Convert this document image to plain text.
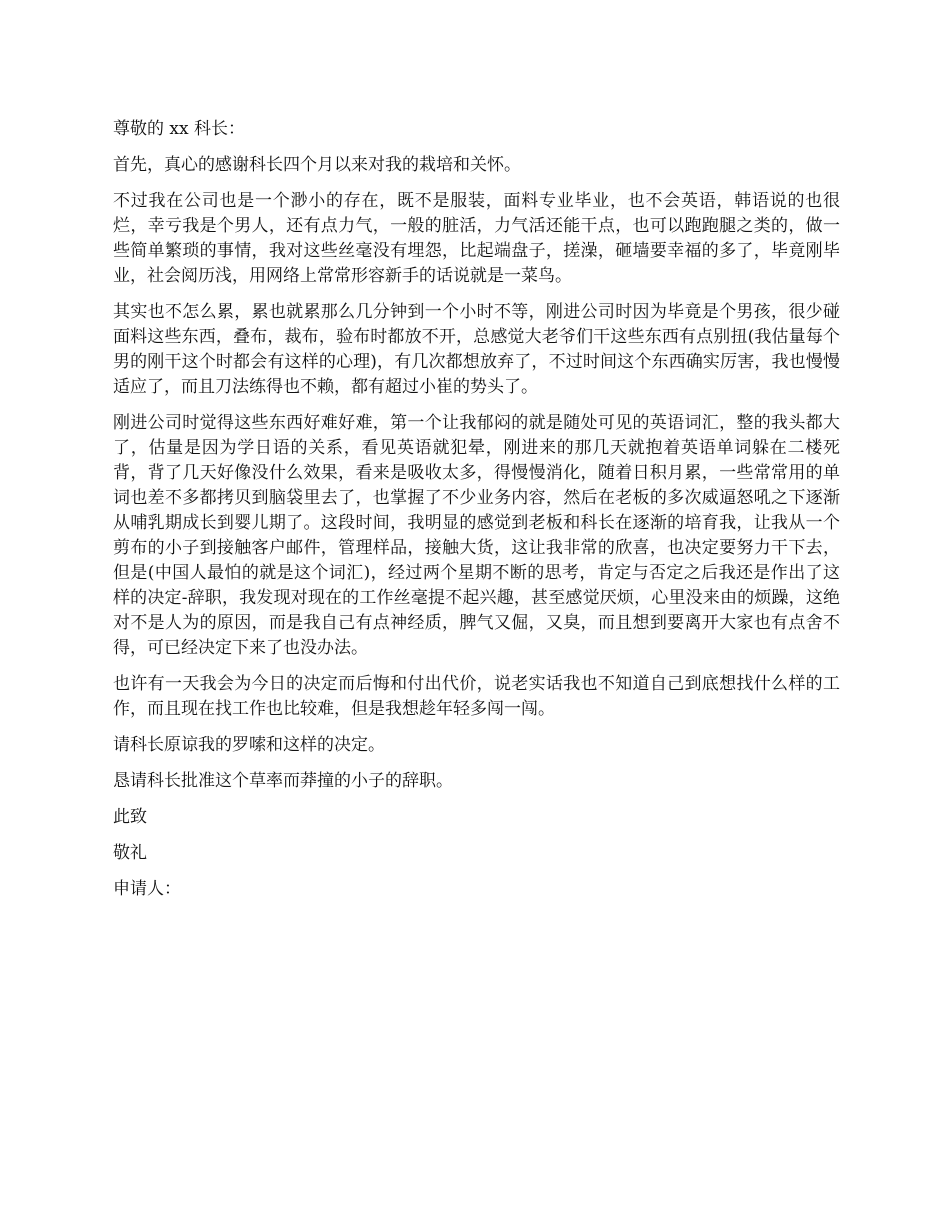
尊敬的 xx 科长：

首先，真心的感谢科长四个月以来对我的栽培和关怀。

不过我在公司也是一个渺小的存在，既不是服装，面料专业毕业，也不会英语，韩语说的也很烂，幸亏我是个男人，还有点力气，一般的脏活，力气活还能干点，也可以跑跑腿之类的，做一些简单繁琐的事情，我对这些丝毫没有埋怨，比起端盘子，搓澡，砸墙要幸福的多了，毕竟刚毕业，社会阅历浅，用网络上常常形容新手的话说就是一菜鸟。

其实也不怎么累，累也就累那么几分钟到一个小时不等，刚进公司时因为毕竟是个男孩，很少碰面料这些东西，叠布，裁布，验布时都放不开，总感觉大老爷们干这些东西有点别扭(我估量每个男的刚干这个时都会有这样的心理)，有几次都想放弃了，不过时间这个东西确实厉害，我也慢慢适应了，而且刀法练得也不赖，都有超过小崔的势头了。

刚进公司时觉得这些东西好难好难，第一个让我郁闷的就是随处可见的英语词汇，整的我头都大了，估量是因为学日语的关系，看见英语就犯晕，刚进来的那几天就抱着英语单词躲在二楼死背，背了几天好像没什么效果，看来是吸收太多，得慢慢消化，随着日积月累，一些常常用的单词也差不多都拷贝到脑袋里去了，也掌握了不少业务内容，然后在老板的多次威逼怒吼之下逐渐从哺乳期成长到婴儿期了。这段时间，我明显的感觉到老板和科长在逐渐的培育我，让我从一个剪布的小子到接触客户邮件，管理样品，接触大货，这让我非常的欣喜，也决定要努力干下去，但是(中国人最怕的就是这个词汇)，经过两个星期不断的思考，肯定与否定之后我还是作出了这样的决定-辞职，我发现对现在的工作丝毫提不起兴趣，甚至感觉厌烦，心里没来由的烦躁，这绝对不是人为的原因，而是我自己有点神经质，脾气又倔，又臭，而且想到要离开大家也有点舍不得，可已经决定下来了也没办法。

也许有一天我会为今日的决定而后悔和付出代价，说老实话我也不知道自己到底想找什么样的工作，而且现在找工作也比较难，但是我想趁年轻多闯一闯。

请科长原谅我的罗嗦和这样的决定。

恳请科长批准这个草率而莽撞的小子的辞职。

此致

敬礼

申请人：
